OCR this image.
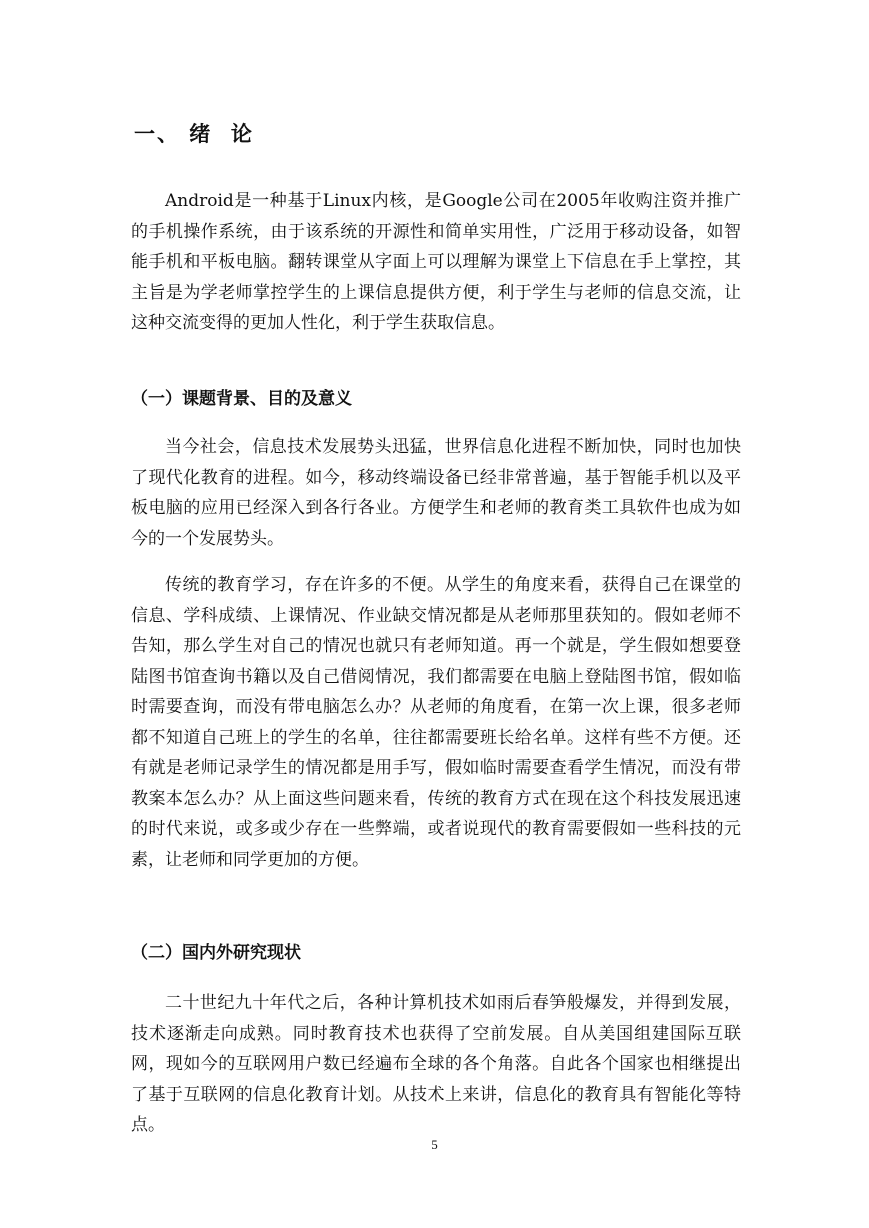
一、 绪  论

Android是一种基于Linux内核，是Google公司在2005年收购注资并推广的手机操作系统，由于该系统的开源性和简单实用性，广泛用于移动设备，如智能手机和平板电脑。翻转课堂从字面上可以理解为课堂上下信息在手上掌控，其主旨是为学老师掌控学生的上课信息提供方便，利于学生与老师的信息交流，让这种交流变得的更加人性化，利于学生获取信息。

（一）课题背景、目的及意义

当今社会，信息技术发展势头迅猛，世界信息化进程不断加快，同时也加快了现代化教育的进程。如今，移动终端设备已经非常普遍，基于智能手机以及平板电脑的应用已经深入到各行各业。方便学生和老师的教育类工具软件也成为如今的一个发展势头。

传统的教育学习，存在许多的不便。从学生的角度来看，获得自己在课堂的信息、学科成绩、上课情况、作业缺交情况都是从老师那里获知的。假如老师不告知，那么学生对自己的情况也就只有老师知道。再一个就是，学生假如想要登陆图书馆查询书籍以及自己借阅情况，我们都需要在电脑上登陆图书馆，假如临时需要查询，而没有带电脑怎么办？从老师的角度看，在第一次上课，很多老师都不知道自己班上的学生的名单，往往都需要班长给名单。这样有些不方便。还有就是老师记录学生的情况都是用手写，假如临时需要查看学生情况，而没有带教案本怎么办？从上面这些问题来看，传统的教育方式在现在这个科技发展迅速的时代来说，或多或少存在一些弊端，或者说现代的教育需要假如一些科技的元素，让老师和同学更加的方便。

（二）国内外研究现状

二十世纪九十年代之后，各种计算机技术如雨后春笋般爆发，并得到发展，技术逐渐走向成熟。同时教育技术也获得了空前发展。自从美国组建国际互联网，现如今的互联网用户数已经遍布全球的各个角落。自此各个国家也相继提出了基于互联网的信息化教育计划。从技术上来讲，信息化的教育具有智能化等特点。

5
